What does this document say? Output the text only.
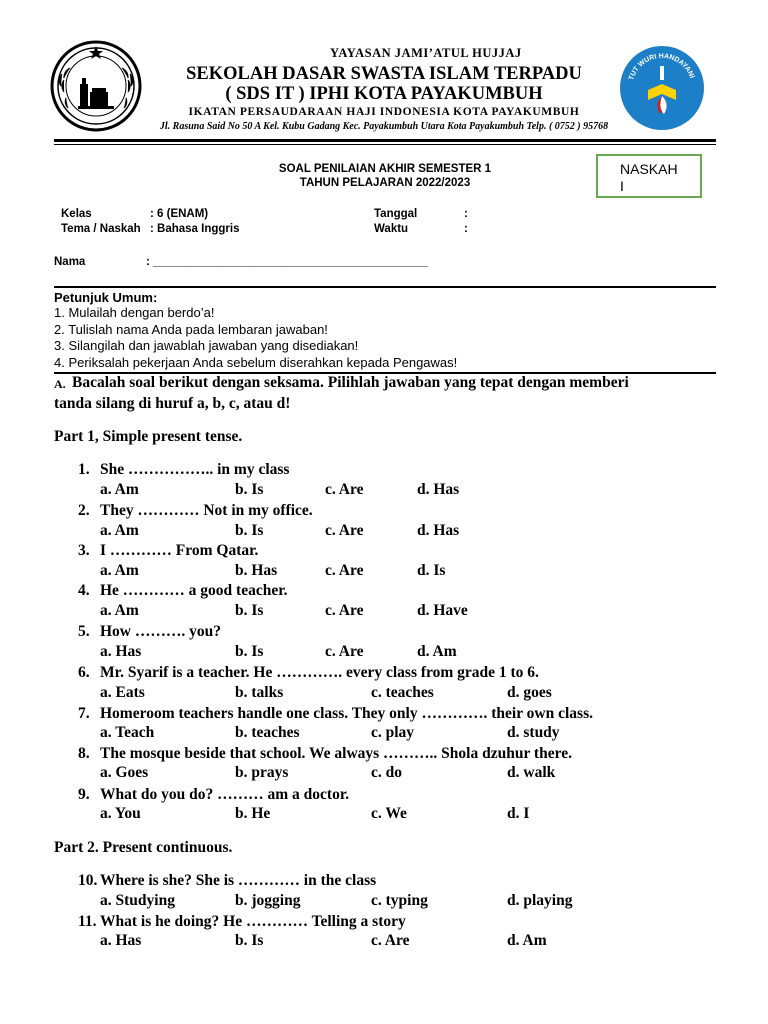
TUT WURI HANDAYANI
YAYASAN JAMI’ATUL HUJJAJ
SEKOLAH DASAR SWASTA ISLAM TERPADU
( SDS IT ) IPHI KOTA PAYAKUMBUH
IKATAN PERSAUDARAAN HAJI INDONESIA KOTA PAYAKUMBUH
Jl. Rasuna Said No 50 A Kel. Kubu Gadang Kec. Payakumbuh Utara Kota Payakumbuh Telp. ( 0752 ) 95768
SOAL PENILAIAN AKHIR SEMESTER 1
TAHUN PELAJARAN 2022/2023
NASKAH
I
Kelas	: 6 (ENAM)
Tema / Naskah : Bahasa Inggris
Tanggal	:
Waktu	:
Nama	: ___________________________________________
Petunjuk Umum:
1. Mulailah dengan berdo’a!
2. Tulislah nama Anda pada lembaran jawaban!
3. Silangilah dan jawablah jawaban yang disediakan!
4. Periksalah pekerjaan Anda sebelum diserahkan kepada Pengawas!
A. Bacalah soal berikut dengan seksama. Pilihlah jawaban yang tepat dengan memberi
tanda silang di huruf a, b, c, atau d!
Part 1, Simple present tense.
1. She …………….. in my class
a. Am	b. Is	c. Are	d. Has
2. They ………… Not in my office.
a. Am	b. Is	c. Are	d. Has
3. I ………… From Qatar.
a. Am	b. Has	c. Are	d. Is
4. He ………… a good teacher.
a. Am	b. Is	c. Are	d. Have
5. How ………. you?
a. Has	b. Is	c. Are	d. Am
6. Mr. Syarif is a teacher. He …………. every class from grade 1 to 6.
a. Eats	b. talks	c. teaches	d. goes
7. Homeroom teachers handle one class. They only …………. their own class.
a. Teach	b. teaches	c. play	d. study
8. The mosque beside that school. We always ……….. Shola dzuhur there.
a. Goes	b. prays	c. do	d. walk
9. What do you do? ……… am a doctor.
a. You	b. He	c. We	d. I
Part 2. Present continuous.
10. Where is she? She is ………… in the class
a. Studying	b. jogging	c. typing	d. playing
11. What is he doing? He ………… Telling a story
a. Has	b. Is	c. Are	d. Am
